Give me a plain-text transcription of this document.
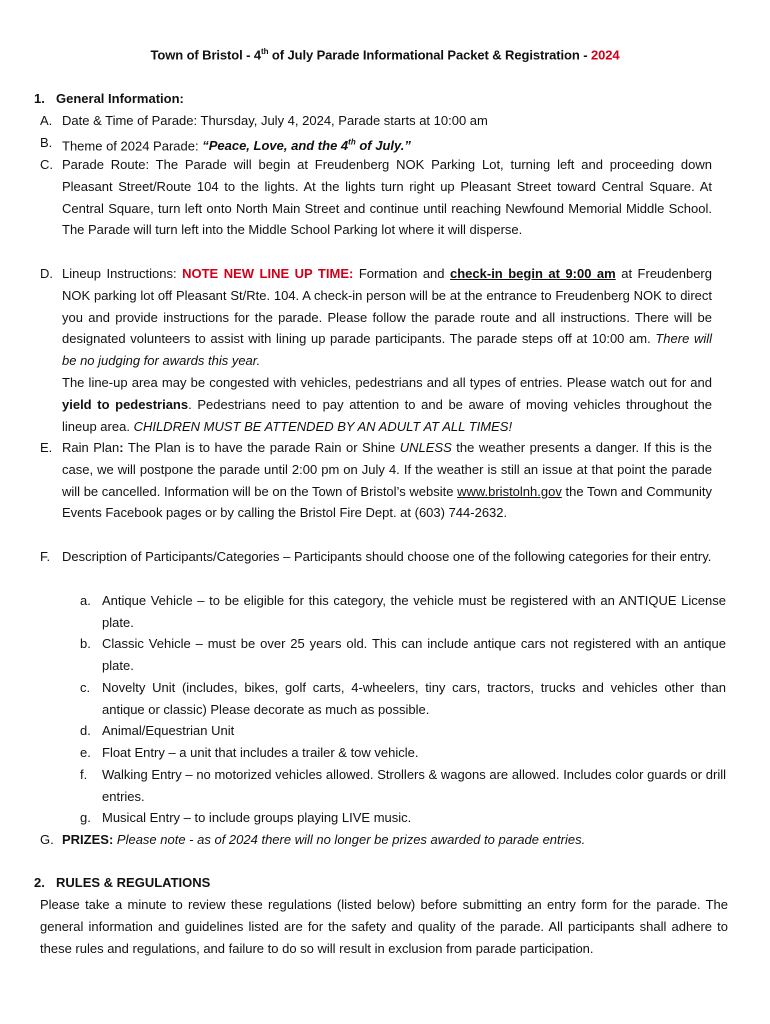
Town of Bristol - 4th of July Parade Informational Packet & Registration - 2024
1. General Information:
A. Date & Time of Parade: Thursday, July 4, 2024, Parade starts at 10:00 am
B. Theme of 2024 Parade: “Peace, Love, and the 4th of July.”
C. Parade Route: The Parade will begin at Freudenberg NOK Parking Lot, turning left and proceeding down Pleasant Street/Route 104 to the lights. At the lights turn right up Pleasant Street toward Central Square. At Central Square, turn left onto North Main Street and continue until reaching Newfound Memorial Middle School. The Parade will turn left into the Middle School Parking lot where it will disperse.
D. Lineup Instructions: NOTE NEW LINE UP TIME: Formation and check-in begin at 9:00 am at Freudenberg NOK parking lot off Pleasant St/Rte. 104. A check-in person will be at the entrance to Freudenberg NOK to direct you and provide instructions for the parade. Please follow the parade route and all instructions. There will be designated volunteers to assist with lining up parade participants. The parade steps off at 10:00 am. There will be no judging for awards this year.
The line-up area may be congested with vehicles, pedestrians and all types of entries. Please watch out for and yield to pedestrians. Pedestrians need to pay attention to and be aware of moving vehicles throughout the lineup area. CHILDREN MUST BE ATTENDED BY AN ADULT AT ALL TIMES!
E. Rain Plan: The Plan is to have the parade Rain or Shine UNLESS the weather presents a danger. If this is the case, we will postpone the parade until 2:00 pm on July 4. If the weather is still an issue at that point the parade will be cancelled. Information will be on the Town of Bristol’s website www.bristolnh.gov the Town and Community Events Facebook pages or by calling the Bristol Fire Dept. at (603) 744-2632.
F. Description of Participants/Categories – Participants should choose one of the following categories for their entry.
a. Antique Vehicle – to be eligible for this category, the vehicle must be registered with an ANTIQUE License plate.
b. Classic Vehicle – must be over 25 years old. This can include antique cars not registered with an antique plate.
c. Novelty Unit (includes, bikes, golf carts, 4-wheelers, tiny cars, tractors, trucks and vehicles other than antique or classic) Please decorate as much as possible.
d. Animal/Equestrian Unit
e. Float Entry – a unit that includes a trailer & tow vehicle.
f. Walking Entry – no motorized vehicles allowed. Strollers & wagons are allowed. Includes color guards or drill entries.
g. Musical Entry – to include groups playing LIVE music.
G. PRIZES: Please note - as of 2024 there will no longer be prizes awarded to parade entries.
2. RULES & REGULATIONS
Please take a minute to review these regulations (listed below) before submitting an entry form for the parade. The general information and guidelines listed are for the safety and quality of the parade. All participants shall adhere to these rules and regulations, and failure to do so will result in exclusion from parade participation.
